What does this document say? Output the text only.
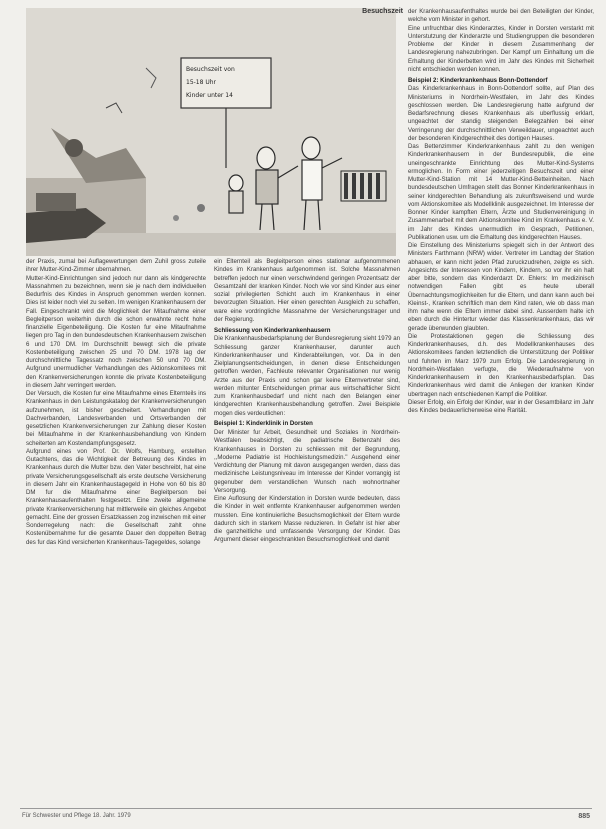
Besuchszeit von
15-18 Uhr
Kinder unter 14
Besuchszeit

der Praxis, zumal bei Auflagewertungen dem Zuhil gross zuteile ihrer Mutter-Kind-Zimmer ubernahmen.

Mutter-Kind-Einrichtungen sind jedoch nur dann als kindgerechte Massnahmen zu bezeichnen, wenn sie je nach dem individuellen Bedurfnis des Kindes in Anspruch genommen werden konnen. Dies ist leider noch viel zu selten. Im wenigen Krankenhausern der Fall. Eingeschrankt wird die Moglichkeit der Mitaufnahme einer Begleitperson weiterhin durch die schon erwahnte recht hohe finanzielle Eigenbeteiligung. Die Kosten fur eine Mitaufnahme liegen pro Tag in den bundesdeutschen Krankenhausern zwischen 6 und 170 DM. Im Durchschnitt bewegt sich die private Kostenbeteiligung zwischen 25 und 70 DM. 1978 lag der durchschnittliche Tagessatz noch zwischen 50 und 70 DM. Aufgrund unermudlicher Verhandlungen des Aktionskomitees mit den Krankenversicherungen konnte die private Kostenbeteiligung in diesem Jahr verringert werden.

Der Versuch, die Kosten fur eine Mitaufnahme eines Elternteils ins Krankenhaus in den Leistungskatalog der Krankenversicherungen aufzunehmen, ist bisher gescheitert. Verhandlungen mit Dachverbanden, Landesverbanden und Ortsverbanden der gesetzlichen Krankenversicherungen zur Zahlung dieser Kosten bei Mitaufnahme in der Krankenhausbehandlung von Kindern scheiterten am Kostendampfungsgesetz.

Aufgrund eines von Prof. Dr. Wolfs, Hamburg, erstellten Gutachtens, das die Wichtigkeit der Betreuung des Kindes im Krankenhaus durch die Mutter bzw. den Vater beschreibt, hat eine private Versicherungsgesellschaft als erste deutsche Versicherung in diesem Jahr ein Krankenhaustagegeld in Hohe von 60 bis 80 DM fur die Mitaufnahme einer Begleitperson bei Krankenhausaufenthalten festgesetzt. Eine zweite allgemeine private Krankenversicherung hat mittlerweile ein gleiches Angebot gemacht. Eine der grossen Ersatzkassen zog inzwischen mit einer Sonderregelung nach: die Gesellschaft zahlt ohne Kostenübernahme fur die gesamte Dauer den doppelten Betrag des fur das Kind versicherten Krankenhaus-Tagegeldes, solange

ein Elternteil als Begleitperson eines stationar aufgenommenen Kindes im Krankenhaus aufgenommen ist. Solche Massnahmen betreffen jedoch nur einen verschwindend geringen Prozentsatz der Gesamtzahl der kranken Kinder. Noch wie vor sind Kinder aus einer sozial privilegierten Schicht auch im Krankenhaus in einer bevorzugten Situation. Hier einen gerechten Ausgleich zu schaffen, ware eine vordringliche Massnahme der Versicherungstrager und der Regierung.

Schliessung von Kinderkrankenhausern

Die Krankenhausbedarfsplanung der Bundesregierung sieht 1979 an Schliessung ganzer Krankenhauser, darunter auch Kinderkrankenhauser und Kinderabteilungen, vor. Da in den Zielplanungsentscheidungen, in denen diese Entscheidungen getroffen werden, Fachleute relevanter Organisationen nur wenig Arzte aus der Praxis und schon gar keine Elternvertreter sind, werden mitunter Entscheidungen primar aus wirtschaftlicher Sicht zum Krankenhausbedarf und nicht nach den Belangen einer kindgerechten Krankenhausbehandlung getroffen. Zwei Beispiele mogen dies verdeutlichen:

Beispiel 1: Kinderklinik in Dorsten

Der Minister fur Arbeit, Gesundheit und Soziales in Nordrhein-Westfalen beabsichtigt, die padiatrische Bettenzahl des Krankenhauses in Dorsten zu schliessen mit der Begrundung, ,,Moderne Padiatrie ist Hochleistungsmedizin.'' Ausgehend einer Verdichtung der Planung mit davon ausgegangen werden, dass das medizinische Leistungsniveau im Interesse der Kinder vorrangig ist gegenuber dem verstandlichen Wunsch nach wohnortnaher Versorgung.

Eine Auflosung der Kinderstation in Dorsten wurde bedeuten, dass die Kinder in weit entfernte Krankenhauser aufgenommen werden mussten. Eine kontinuierliche Besuchsmoglichkeit der Eltern wurde dadurch sich in starkem Masse reduzieren. In Gefahr ist hier aber die ganzheitliche und umfassende Versorgung der Kinder. Das Argument dieser eingeschrankten Besuchsmoglichkeit und damit

der Krankenhausaufenthaltes wurde bei den Beteiligten der Kinder, welche vom Minister in gehort.

Eine unfruchtbar dies Kinderarztes, Kinder in Dorsten verstarkt mit Unterstutzung der Kinderarzte und Studiengruppen die besonderen Probleme der Kinder in diesem Zusammenhang der Landesregierung nahezubringen. Der Kampf um Einhaltung um die Erhaltung der Kinderbetten wird im Jahr des Kindes mit Sicherheit nicht entschieden werden konnen.

Beispiel 2: Kinderkrankenhaus Bonn-Dottendorf

Das Kinderkrankenhaus in Bonn-Dottendorf sollte, auf Plan des Ministeriums in Nordrhein-Westfalen, im Jahr des Kindes geschlossen werden. Die Landesregierung hatte aufgrund der Bedarfsrechnung dieses Krankenhaus als uberflussig erklart, ungeachtet der standig steigenden Belegzahlen bei einer Verringerung der durchschnittlichen Verweildauer, ungeachtet auch der besonderen Kindgerechtheit des dortigen Hauses.

Das Bettenzimmer Kinderkrankenhaus zahlt zu den wenigen Kinderkrankenhausern in der Bundesrepublik, die eine uneingeschrankte Einrichtung des Mutter-Kind-Systems ermoglichen. In Form einer jederzeitigen Besuchszeit und einer Mutter-Kind-Station mit 14 Mutter-Kind-Betteinheiten. Nach bundesdeutschen Umfragen stellt das Bonner Kinderkrankenhaus in seiner kindgerechten Behandlung als zukunftsweisend und wurde vom Aktionskomitee als Modellklinik ausgezeichnet. Im Interesse der Bonner Kinder kampften Eltern, Ärzte und Studienvereinigung in Zusammenarbeit mit dem Aktionskomitee Kind im Krankenhaus e. V. im Jahr des Kindes unermudlich im Gesprach, Petitionen, Publikationen usw. um die Erhaltung des kindgerechten Hauses.

Die Einstellung des Ministeriums spiegelt sich in der Antwort des Ministers Farthmann (NRW) wider. Vertreter im Landtag der Station abhauen, er kann nicht jeden Pfad zuruckzudrehen, zeigte es sich. Angesichts der Interessen von Kindern, Kindern, so vor ihr ein halt aber bitte, sondern das Kinderdarzt Dr. Ehlers: Im medizinisch notwendigen Fallen gibt es heute uberall Übernachtungsmoglichkeiten fur die Eltern, und dann kann auch bei Kleinst-, Kranken schriftlich man dem Kind raten, wie ob dass man ihm nahe wenn die Eltern immer dabei sind. Ausserdem halte ich eben durch die Hintertur wieder das Klassenkrankenhaus, das wir gerade überwunden glaubten.

Die Protestaktionen gegen die Schliessung des Kinderkrankenhauses, d.h. des Modellkrankenhauses des Aktionskomitees fanden letztendlich die Unterstützung der Politiker und fuhrten im Marz 1979 zum Erfolg. Die Landesregierung in Nordrhein-Westfalen verfugte, die Wiederaufnahme von Kinderkrankenhausern in den Krankenhausbedarfsplan. Das Kinderkrankenhaus wird damit die Anliegen der kranken Kinder ubertragen nach entschiedenen Kampf die Politiker.

Dieser Erfolg, ein Erfolg der Kinder, war in der Gesamtbilanz im Jahr des Kindes bedauerlicherweise eine Rarität.

Für Schwester und Pflege 18. Jahr. 1979	885
